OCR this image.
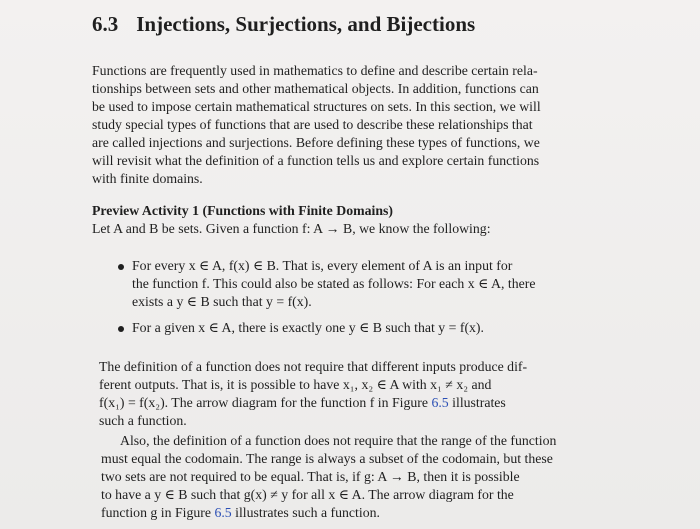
6.3 Injections, Surjections, and Bijections
Functions are frequently used in mathematics to define and describe certain rela-
tionships between sets and other mathematical objects. In addition, functions can
be used to impose certain mathematical structures on sets. In this section, we will
study special types of functions that are used to describe these relationships that
are called injections and surjections. Before defining these types of functions, we
will revisit what the definition of a function tells us and explore certain functions
with finite domains.
Preview Activity 1 (Functions with Finite Domains)
Let A and B be sets. Given a function f: A → B, we know the following:
For every x ∈ A, f(x) ∈ B. That is, every element of A is an input for
the function f. This could also be stated as follows: For each x ∈ A, there
exists a y ∈ B such that y = f(x).
For a given x ∈ A, there is exactly one y ∈ B such that y = f(x).
The definition of a function does not require that different inputs produce dif-
ferent outputs. That is, it is possible to have x₁, x₂ ∈ A with x₁ ≠ x₂ and
f(x₁) = f(x₂). The arrow diagram for the function f in Figure 6.5 illustrates
such a function.
Also, the definition of a function does not require that the range of the function
must equal the codomain. The range is always a subset of the codomain, but these
two sets are not required to be equal. That is, if g: A → B, then it is possible
to have a y ∈ B such that g(x) ≠ y for all x ∈ A. The arrow diagram for the
function g in Figure 6.5 illustrates such a function.
